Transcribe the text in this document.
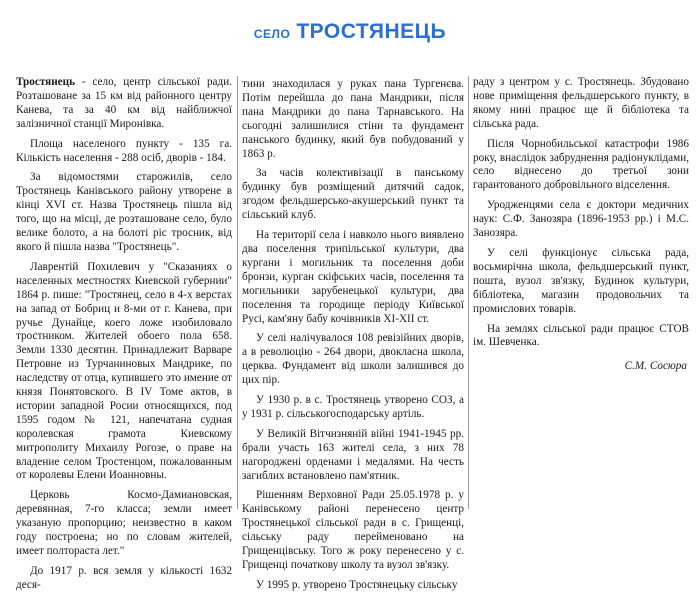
СЕЛО ТРОСТЯНЕЦЬ

Тростянець - село, центр сільської ради. Розташоване за 15 км від районного центру Канева, та за 40 км від найближчої залізничної станції Миронівка.

Площа населеного пункту - 135 га. Кількість населення - 288 осіб, дворів - 184.

За відомостями старожилів, село Тростянець Канівського району утворене в кінці XVI ст. Назва Тростянець пішла від того, що на місці, де розташоване село, було велике болото, а на болоті ріс тросник, від якого й пішла назва "Тростянець".

Лаврентій Похилевич у "Сказаниях о населенных местностях Киевской губернии" 1864 р. пише: "Тростянец, село в 4-х верстах на запад от Бобриц и 8-ми от г. Канева, при ручье Дунайце, коего ложе изобиловало тростником. Жителей обоего пола 658. Земли 1330 десятин. Принадлежит Варваре Петровне из Турчаниновых Мандрике, по наследству от отца, купившего это имение от князя Понятовского. В IV Томе актов, в истории западной Росии относящихся, под 1595 годом № 121, напечатана судная королевская грамота Киевскому митрополиту Михаилу Рогозе, о праве на владение селом Тростенцом, пожалованным от королевы Елени Иоанновны.

Церковь Космо-Дамиановская, деревянная, 7-го класса; земли имеет указаную пропорцию; неизвестно в каком году построена; но по словам жителей, имеет полтораста лет."

До 1917 р. вся земля у кількості 1632 деся-

тини знаходилася у руках пана Тургенєва. Потім перейшла до пана Мандрики, після пана Мандрики до пана Тарнавського. На сьогодні залишилися стіни та фундамент панського будинку, який був побудований у 1863 р.

За часів колективізації в панському будинку був розміщений дитячий садок, згодом фельдшерсько-акушерський пункт та сільський клуб.

На території села і навколо нього виявлено два поселення трипільської культури, два кургани і могильник та поселення доби бронзи, курган скіфських часів, поселення та могильники зарубенецької культури, два поселення та городище періоду Київської Русі, кам'яну бабу кочівників XI-XII ст.

У селі налічувалося 108 ревізійних дворів, а в революцію - 264 двори, двокласна школа, церква. Фундамент від школи залишився до цих пір.

У 1930 р. в с. Тростянець утворено СОЗ, а у 1931 р. сільськогосподарську артіль.

У Великій Вітчизняній війні 1941-1945 рр. брали участь 163 жителі села, з них 78 нагороджені орденами і медалями. На честь загиблих встановлено пам'ятник.

Рішенням Верховної Ради 25.05.1978 р. у Канівському районі перенесено центр Тростянецької сільської ради в с. Грищенці, сільську раду перейменовано на Грищенцівську. Того ж року перенесено у с. Грищенці початкову школу та вузол зв'язку.

У 1995 р. утворено Тростянецьку сільську

раду з центром у с. Тростянець. Збудовано нове приміщення фельдшерського пункту, в якому нині працює ще й бібліотека та сільська рада.

Після Чорнобильської катастрофи 1986 року, внаслідок забруднення радіонуклідами, село віднесено до третьої зони гарантованого добровільного відселення.

Уродженцями села є доктори медичних наук: С.Ф. Занозяра (1896-1953 рр.) і М.С. Занозяра.

У селі функціонує сільська рада, восьмирічна школа, фельдшерський пункт, пошта, вузол зв'язку, Будинок культури, бібліотека, магазин продовольчих та промислових товарів.

На землях сільської ради працює СТОВ ім. Шевченка.

С.М. Сосюра
